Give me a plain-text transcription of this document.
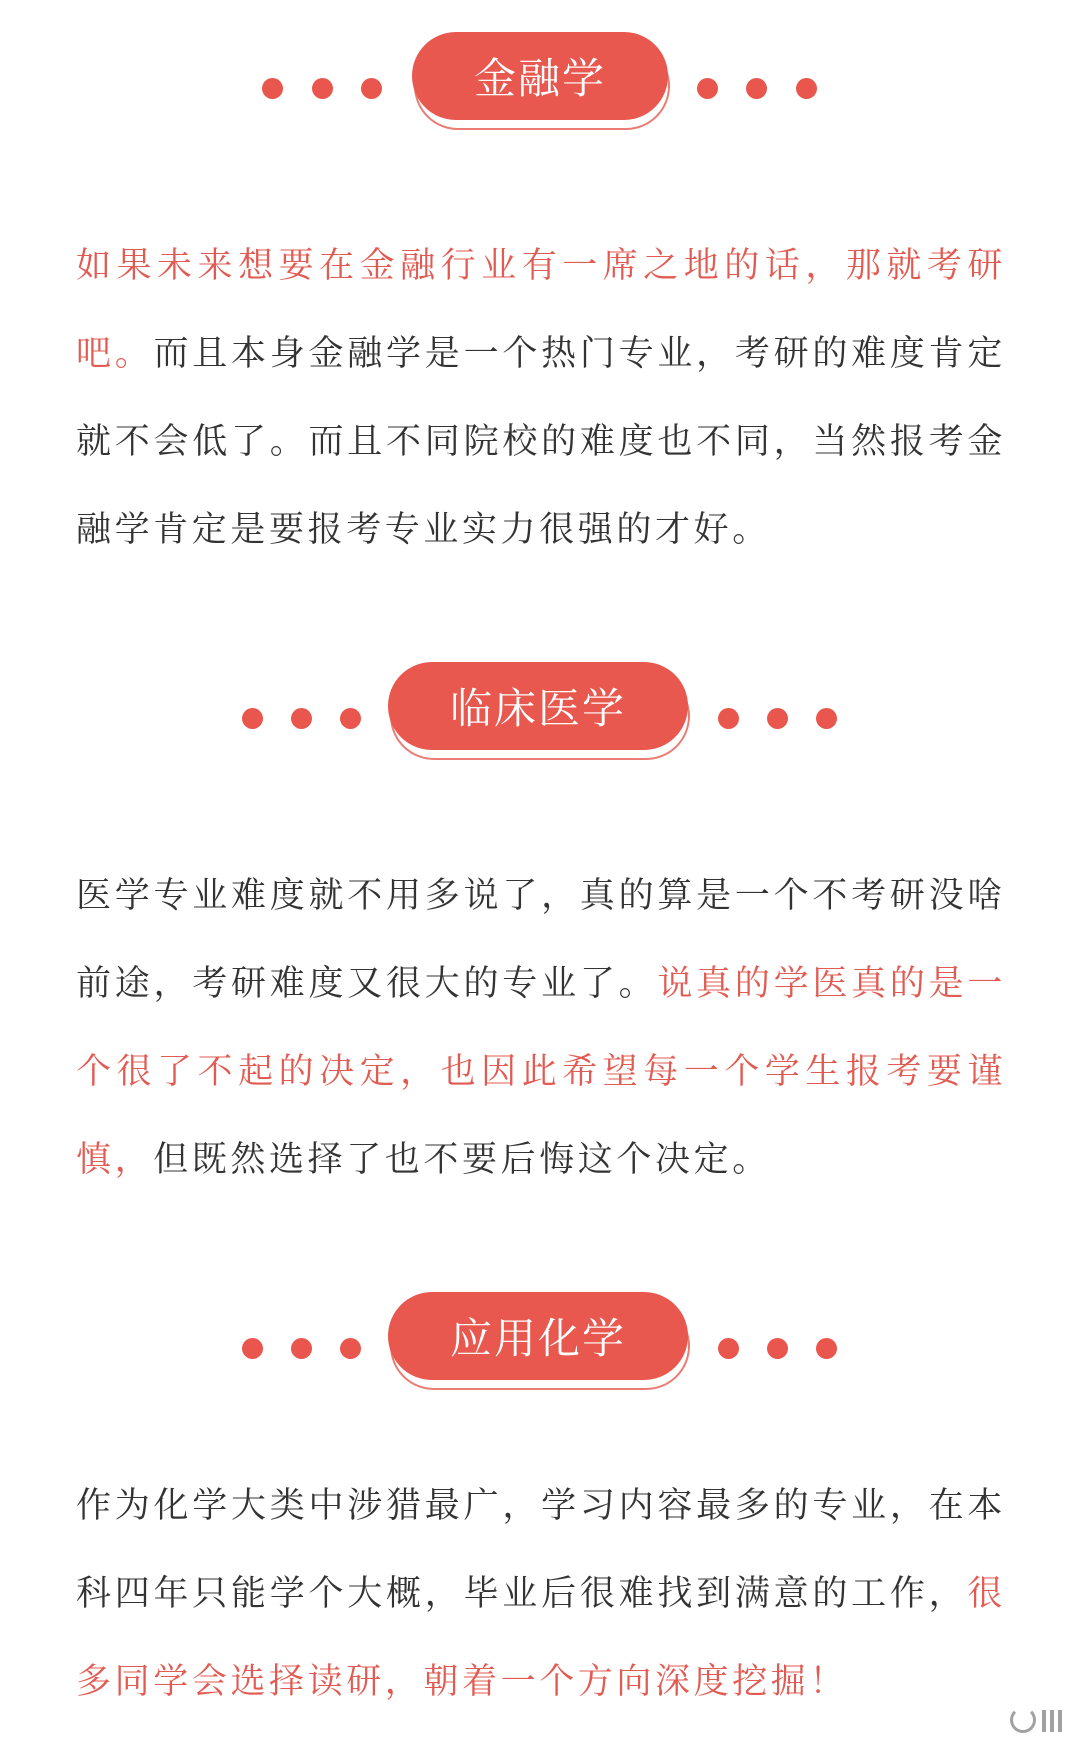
金融学

如果未来想要在金融行业有一席之地的话，那就考研吧。而且本身金融学是一个热门专业，考研的难度肯定就不会低了。而且不同院校的难度也不同，当然报考金融学肯定是要报考专业实力很强的才好。

临床医学

医学专业难度就不用多说了，真的算是一个不考研没啥前途，考研难度又很大的专业了。说真的学医真的是一个很了不起的决定，也因此希望每一个学生报考要谨慎，但既然选择了也不要后悔这个决定。

应用化学

作为化学大类中涉猎最广，学习内容最多的专业，在本科四年只能学个大概，毕业后很难找到满意的工作，很多同学会选择读研，朝着一个方向深度挖掘！
